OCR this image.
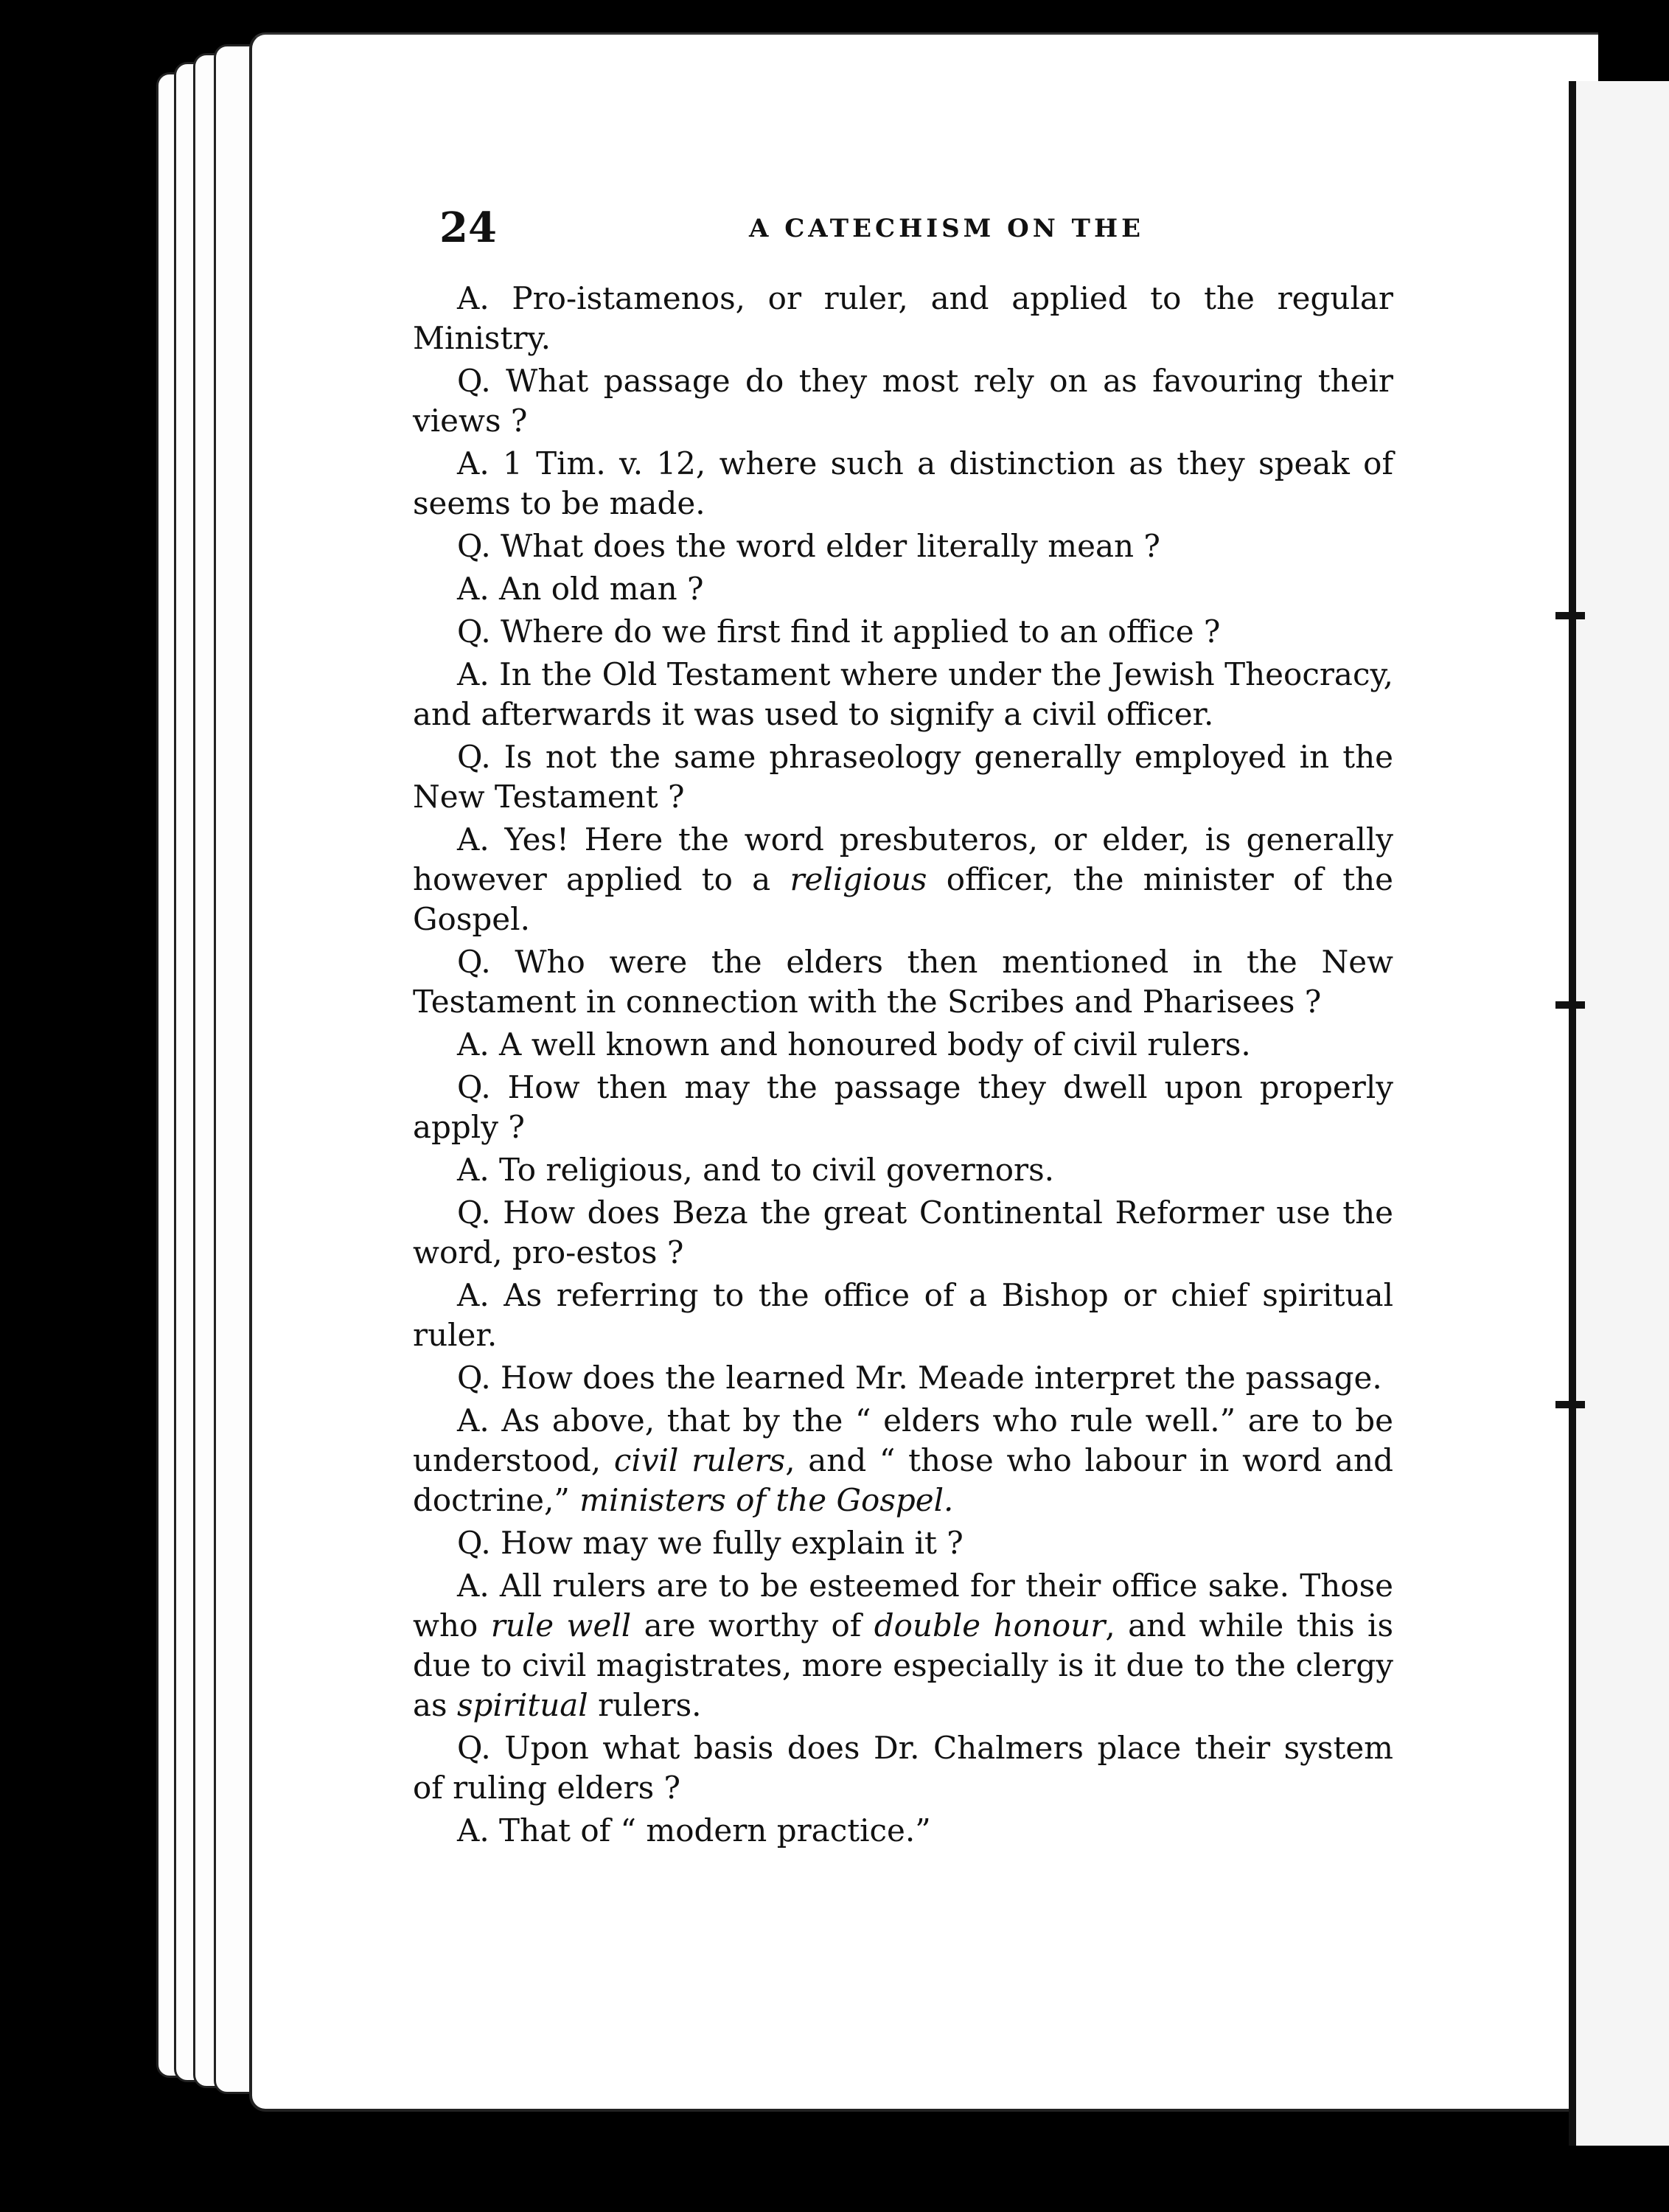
24	A CATECHISM ON THE

A. Pro-istamenos, or ruler, and applied to the regular Ministry.

Q. What passage do they most rely on as favouring their views ?

A. 1 Tim. v. 12, where such a distinction as they speak of seems to be made.

Q. What does the word elder literally mean ?

A. An old man ?

Q. Where do we first find it applied to an office ?

A. In the Old Testament where under the Jewish Theocracy, and afterwards it was used to signify a civil officer.

Q. Is not the same phraseology generally employed in the New Testament ?

A. Yes! Here the word presbuteros, or elder, is generally however applied to a religious officer, the minister of the Gospel.

Q. Who were the elders then mentioned in the New Testament in connection with the Scribes and Pharisees ?

A. A well known and honoured body of civil rulers.

Q. How then may the passage they dwell upon properly apply ?

A. To religious, and to civil governors.

Q. How does Beza the great Continental Reformer use the word, pro-estos ?

A. As referring to the office of a Bishop or chief spiritual ruler.

Q. How does the learned Mr. Meade interpret the passage.

A. As above, that by the “ elders who rule well.” are to be understood, civil rulers, and “ those who labour in word and doctrine,” ministers of the Gospel.

Q. How may we fully explain it ?

A. All rulers are to be esteemed for their office sake. Those who rule well are worthy of double honour, and while this is due to civil magistrates, more especially is it due to the clergy as spiritual rulers.

Q. Upon what basis does Dr. Chalmers place their system of ruling elders ?

A. That of “ modern practice.”
